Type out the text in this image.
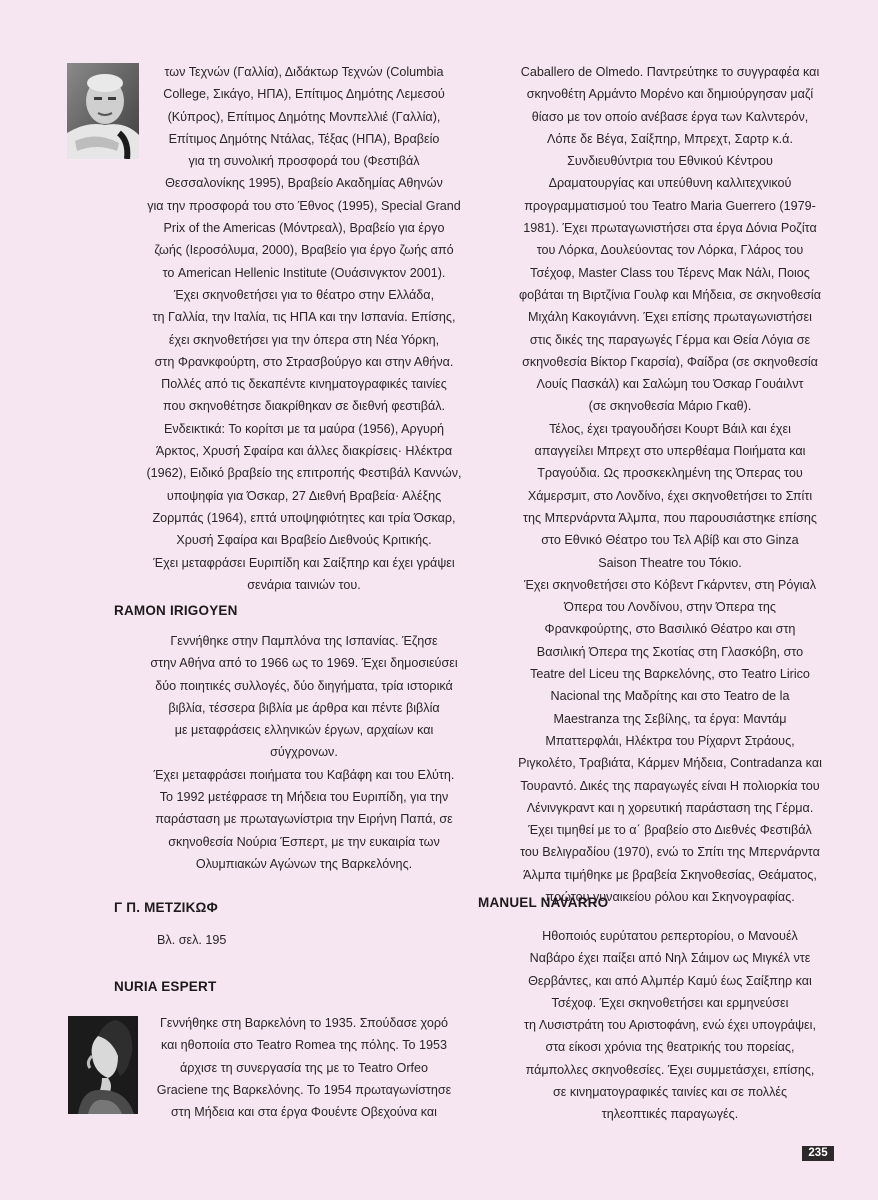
των Τεχνών (Γαλλία), Διδάκτωρ Τεχνών (Columbia

College, Σικάγο, ΗΠΑ), Επίτιμος Δημότης Λεμεσού

(Κύπρος), Επίτιμος Δημότης Μονπελλιέ (Γαλλία),

Επίτιμος Δημότης Ντάλας, Τέξας (ΗΠΑ), Βραβείο

για τη συνολική προσφορά του (Φεστιβάλ

Θεσσαλονίκης 1995), Βραβείο Ακαδημίας Αθηνών

για την προσφορά του στο Έθνος (1995), Special Grand

Prix of the Americas (Μόντρεαλ), Βραβείο για έργο

ζωής (Ιεροσόλυμα, 2000), Βραβείο για έργο ζωής από

το American Hellenic Institute (Ουάσινγκτον 2001).

Έχει σκηνοθετήσει για το θέατρο στην Ελλάδα,

τη Γαλλία, την Ιταλία, τις ΗΠΑ και την Ισπανία. Επίσης,

έχει σκηνοθετήσει για την όπερα στη Νέα Υόρκη,

στη Φρανκφούρτη, στο Στρασβούργο και στην Αθήνα.

Πολλές από τις δεκαπέντε κινηματογραφικές ταινίες

που σκηνοθέτησε διακρίθηκαν σε διεθνή φεστιβάλ.

Ενδεικτικά: Το κορίτσι με τα μαύρα (1956), Αργυρή

Άρκτος, Χρυσή Σφαίρα και άλλες διακρίσεις· Ηλέκτρα

(1962), Ειδικό βραβείο της επιτροπής Φεστιβάλ Καννών,

υποψηφία για Όσκαρ, 27 Διεθνή Βραβεία· Αλέξης

Ζορμπάς (1964), επτά υποψηφιότητες και τρία Όσκαρ,

Χρυσή Σφαίρα και Βραβείο Διεθνούς Κριτικής.

Έχει μεταφράσει Ευριπίδη και Σαίξπηρ και έχει γράψει

σενάρια ταινιών του.

RAMON IRIGOYEN

Γεννήθηκε στην Παμπλόνα της Ισπανίας. Έζησε

στην Αθήνα από το 1966 ως το 1969. Έχει δημοσιεύσει

δύο ποιητικές συλλογές, δύο διηγήματα, τρία ιστορικά

βιβλία, τέσσερα βιβλία με άρθρα και πέντε βιβλία

με μεταφράσεις ελληνικών έργων, αρχαίων και

σύγχρονων.

Έχει μεταφράσει ποιήματα του Καβάφη και του Ελύτη.

Το 1992 μετέφρασε τη Μήδεια του Ευριπίδη, για την

παράσταση με πρωταγωνίστρια την Ειρήνη Παπά, σε

σκηνοθεσία Νούρια Έσπερτ, με την ευκαιρία των

Ολυμπιακών Αγώνων της Βαρκελόνης.

Γ Π. ΜΕΤΖΙΚΩΦ

Βλ. σελ. 195

NURIA ESPERT

Γεννήθηκε στη Βαρκελόνη το 1935. Σπούδασε χορό

και ηθοποιία στο Teatro Romea της πόλης. Το 1953

άρχισε τη συνεργασία της με το Teatro Orfeo

Graciene της Βαρκελόνης. Το 1954 πρωταγωνίστησε

στη Μήδεια και στα έργα Φουέντε Οβεχούνα και

Caballero de Olmedo. Παντρεύτηκε το συγγραφέα και

σκηνοθέτη Αρμάντο Μορένο και δημιούργησαν μαζί

θίασο με τον οποίο ανέβασε έργα των Καλντερόν,

Λόπε δε Βέγα, Σαίξπηρ, Μπρεχτ, Σαρτρ κ.ά.

Συνδιευθύντρια του Εθνικού Κέντρου

Δραματουργίας και υπεύθυνη καλλιτεχνικού

προγραμματισμού του Teatro Maria Guerrero (1979-

1981). Έχει πρωταγωνιστήσει στα έργα Δόνια Ροζίτα

του Λόρκα, Δουλεύοντας τον Λόρκα, Γλάρος του

Τσέχοφ, Master Class του Τέρενς Μακ Νάλι, Ποιος

φοβάται τη Βιρτζίνια Γουλφ και Μήδεια, σε σκηνοθεσία

Μιχάλη Κακογιάννη. Έχει επίσης πρωταγωνιστήσει

στις δικές της παραγωγές Γέρμα και Θεία Λόγια σε

σκηνοθεσία Βίκτορ Γκαρσία), Φαίδρα (σε σκηνοθεσία

Λουίς Πασκάλ) και Σαλώμη του Όσκαρ Γουάιλντ

(σε σκηνοθεσία Μάριο Γκαθ).

Τέλος, έχει τραγουδήσει Κουρτ Βάιλ και έχει

απαγγείλει Μπρεχτ στο υπερθέαμα Ποιήματα και

Τραγούδια. Ως προσκεκλημένη της Όπερας του

Χάμερσμιτ, στο Λονδίνο, έχει σκηνοθετήσει το Σπίτι

της Μπερνάρντα Άλμπα, που παρουσιάστηκε επίσης

στο Εθνικό Θέατρο του Τελ Αβίβ και στο Ginza

Saison Theatre του Τόκιο.

Έχει σκηνοθετήσει στο Κόβεντ Γκάρντεν, στη Ρόγιαλ

Όπερα του Λονδίνου, στην Όπερα της

Φρανκφούρτης, στο Βασιλικό Θέατρο και στη

Βασιλική Όπερα της Σκοτίας στη Γλασκόβη, στο

Teatre del Liceu της Βαρκελόνης, στο Teatro Lirico

Nacional της Μαδρίτης και στο Teatro de la

Maestranza της Σεβίλης, τα έργα: Μαντάμ

Μπαττερφλάι, Ηλέκτρα του Ρίχαρντ Στράους,

Ριγκολέτο, Τραβιάτα, Κάρμεν Μήδεια, Contradanza και

Τουραντό. Δικές της παραγωγές είναι Η πολιορκία του

Λένινγκραντ και η χορευτική παράσταση της Γέρμα.

Έχει τιμηθεί με το α΄ βραβείο στο Διεθνές Φεστιβάλ

του Βελιγραδίου (1970), ενώ το Σπίτι της Μπερνάρντα

Άλμπα τιμήθηκε με βραβεία Σκηνοθεσίας, Θεάματος,

πρώτου γυναικείου ρόλου και Σκηνογραφίας.

MANUEL NAVARRO

Ηθοποιός ευρύτατου ρεπερτορίου, ο Μανουέλ

Ναβάρο έχει παίξει από Νηλ Σάιμον ως Μιγκέλ ντε

Θερβάντες, και από Αλμπέρ Καμύ έως Σαίξπηρ και

Τσέχοφ. Έχει σκηνοθετήσει και ερμηνεύσει

τη Λυσιστράτη του Αριστοφάνη, ενώ έχει υπογράψει,

στα είκοσι χρόνια της θεατρικής του πορείας,

πάμπολλες σκηνοθεσίες. Έχει συμμετάσχει, επίσης,

σε κινηματογραφικές ταινίες και σε πολλές

τηλεοπτικές παραγωγές.

235
